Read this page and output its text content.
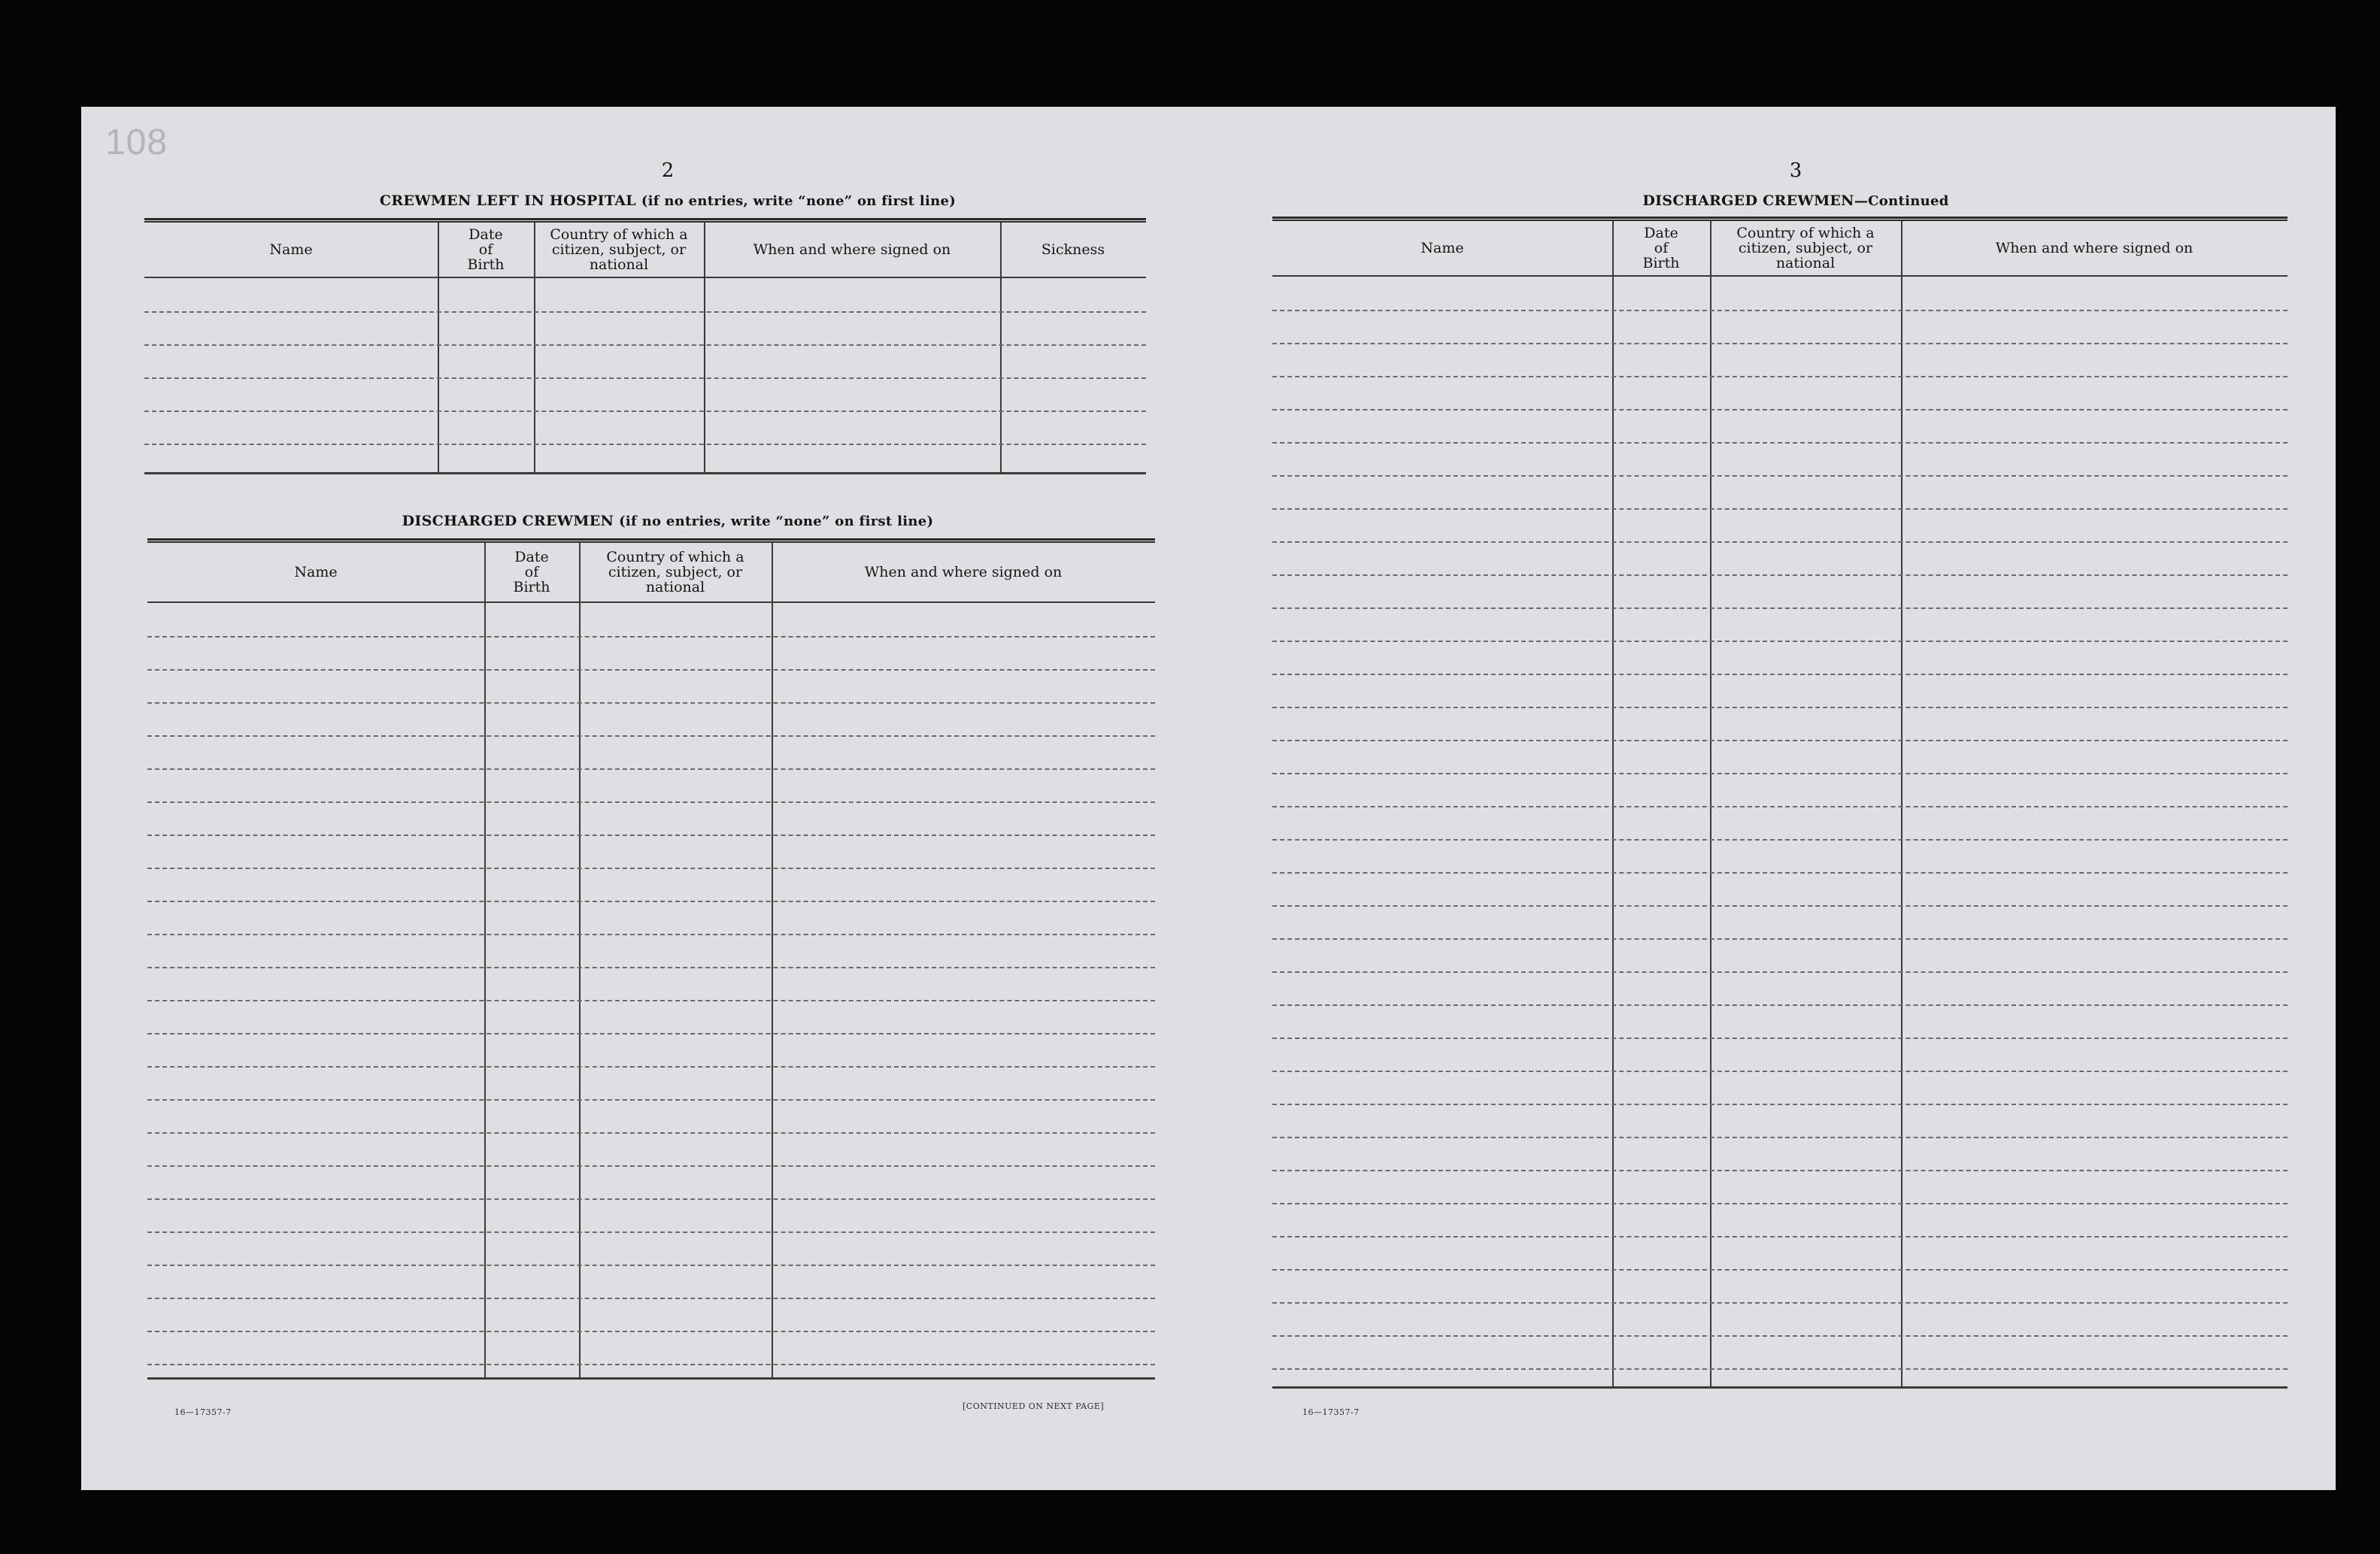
108
2
CREWMEN LEFT IN HOSPITAL (if no entries, write “none” on first line)
Name
Date
of
Birth
Country of which a
citizen, subject, or
national
When and where signed on	Sickness
DISCHARGED CREWMEN (if no entries, write “none” on first line)
Name
Date
of
Birth
Country of which a
citizen, subject, or
national
When and where signed on
16—17357-7
[CONTINUED ON NEXT PAGE]
3
DISCHARGED CREWMEN—Continued
Name
Date
of
Birth
Country of which a
citizen, subject, or
national
When and where signed on
16—17357-7
